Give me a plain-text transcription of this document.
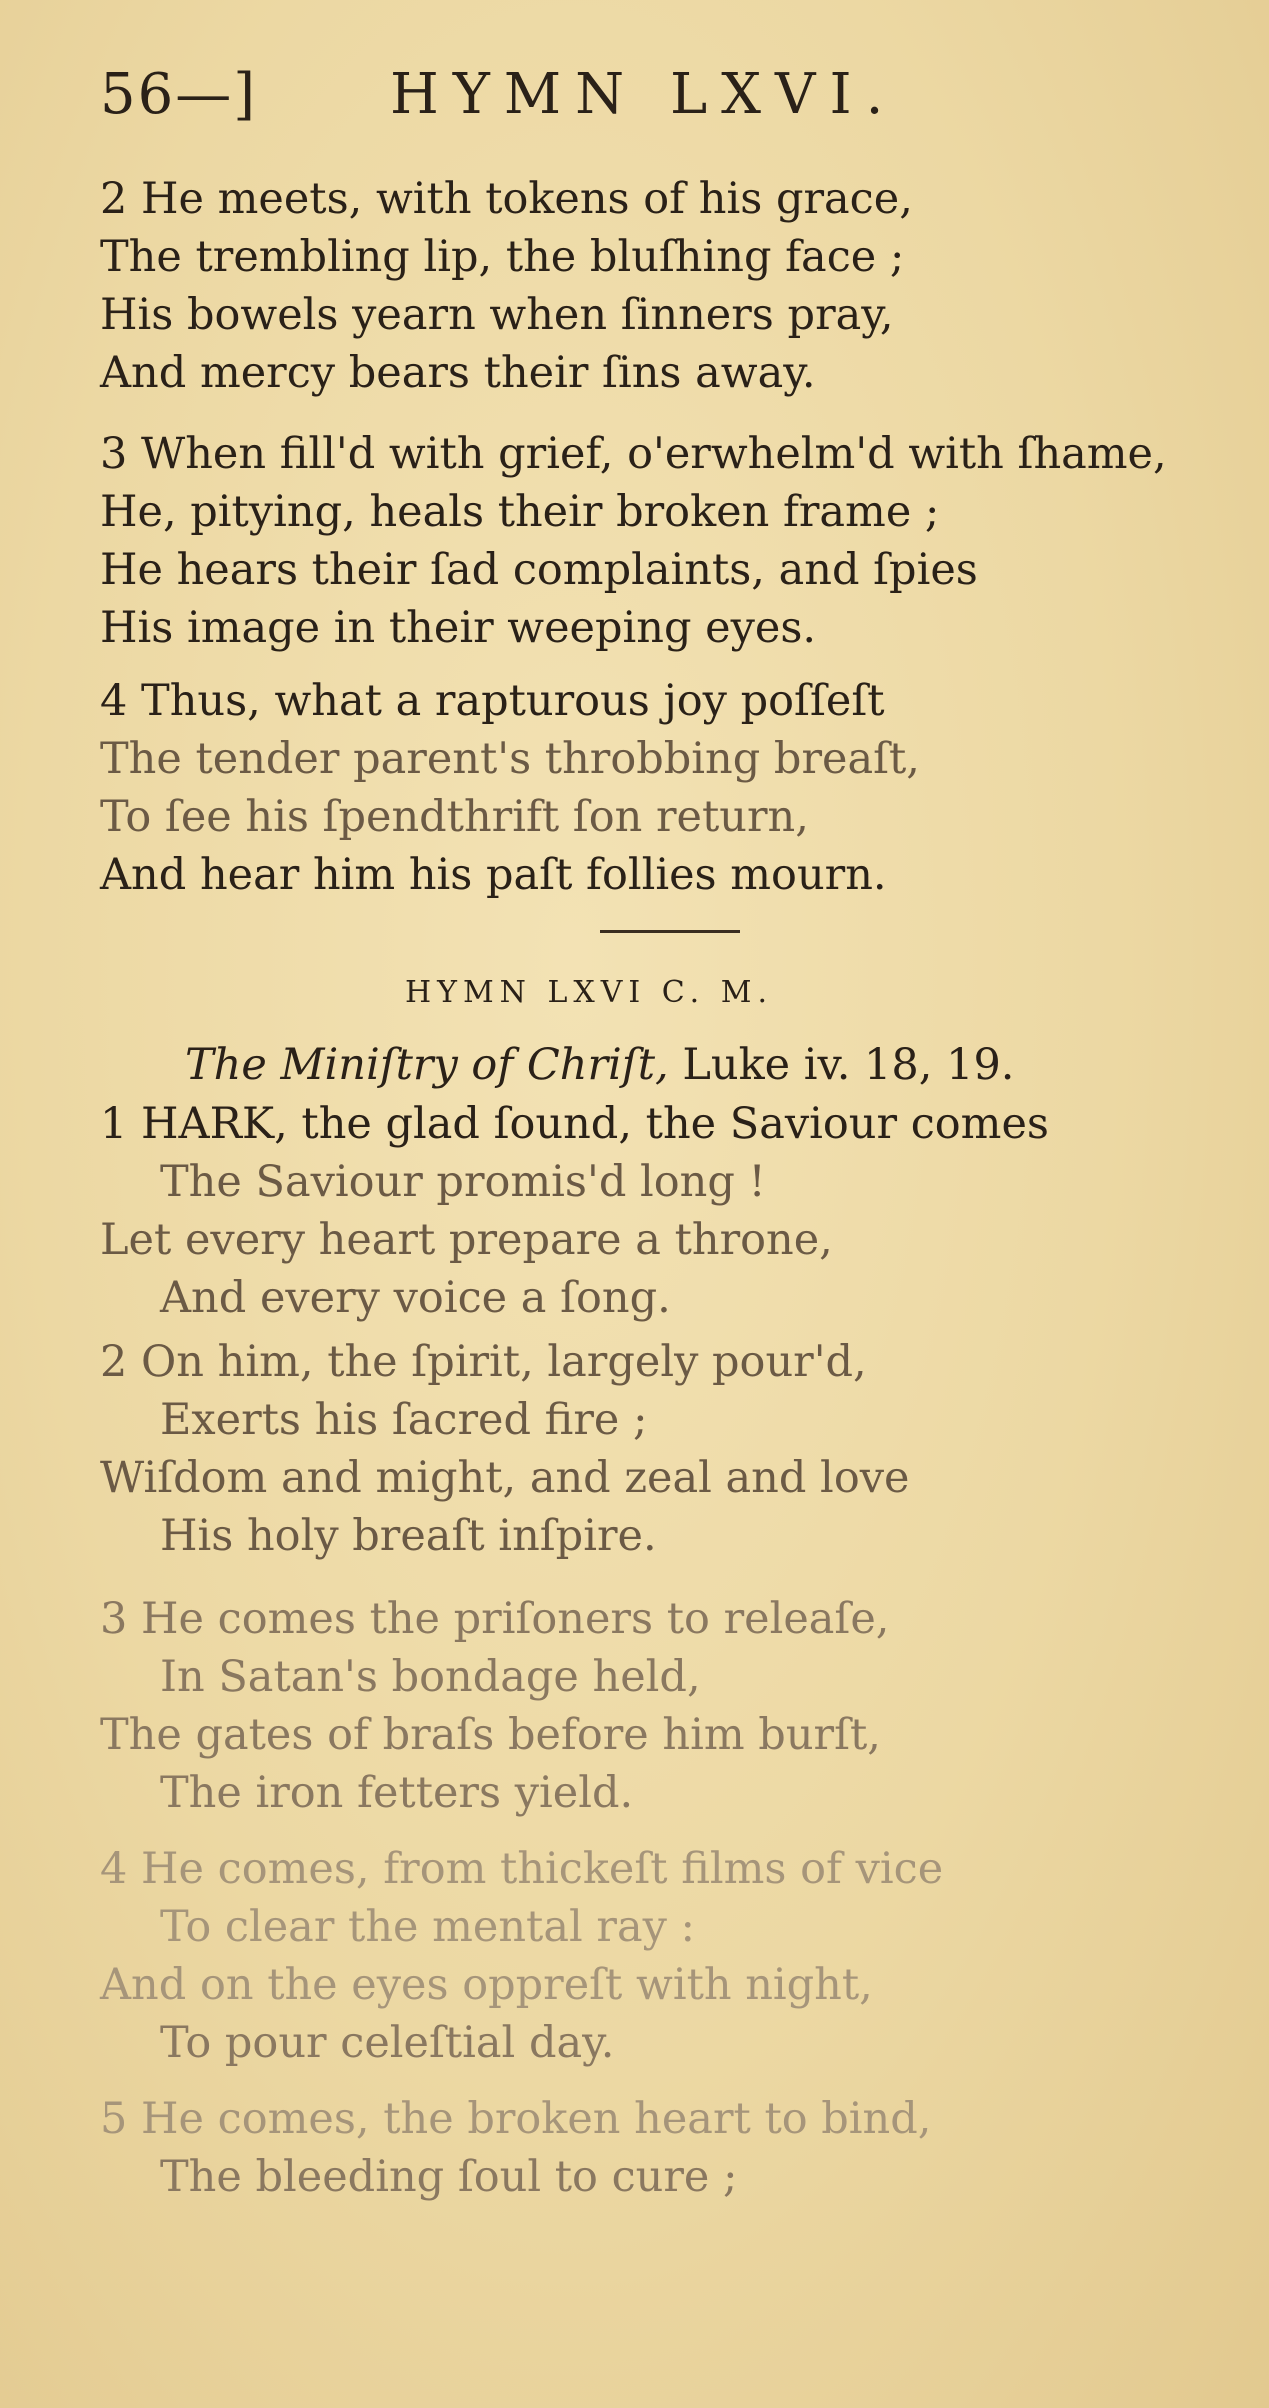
56—] HYMN LXVI.
2 He meets, with tokens of his grace,
The trembling lip, the bluſhing face ;
His bowels yearn when ſinners pray,
And mercy bears their ſins away.
3 When fill'd with grief, o'erwhelm'd with ſhame,
He, pitying, heals their broken frame ;
He hears their ſad complaints, and ſpies
His image in their weeping eyes.
4 Thus, what a rapturous joy poſſeſt
The tender parent's throbbing breaſt,
To ſee his ſpendthrift ſon return,
And hear him his paſt follies mourn.
HYMN LXVI C. M.
The Miniſtry of Chriſt, Luke iv. 18, 19.
1 HARK, the glad ſound, the Saviour comes
The Saviour promis'd long !
Let every heart prepare a throne,
And every voice a ſong.
2 On him, the ſpirit, largely pour'd,
Exerts his ſacred fire ;
Wiſdom and might, and zeal and love
His holy breaſt inſpire.
3 He comes the priſoners to releaſe,
In Satan's bondage held,
The gates of braſs before him burſt,
The iron fetters yield.
4 He comes, from thickeſt films of vice
To clear the mental ray :
And on the eyes oppreſt with night,
To pour celeſtial day.
5 He comes, the broken heart to bind,
The bleeding ſoul to cure ;
